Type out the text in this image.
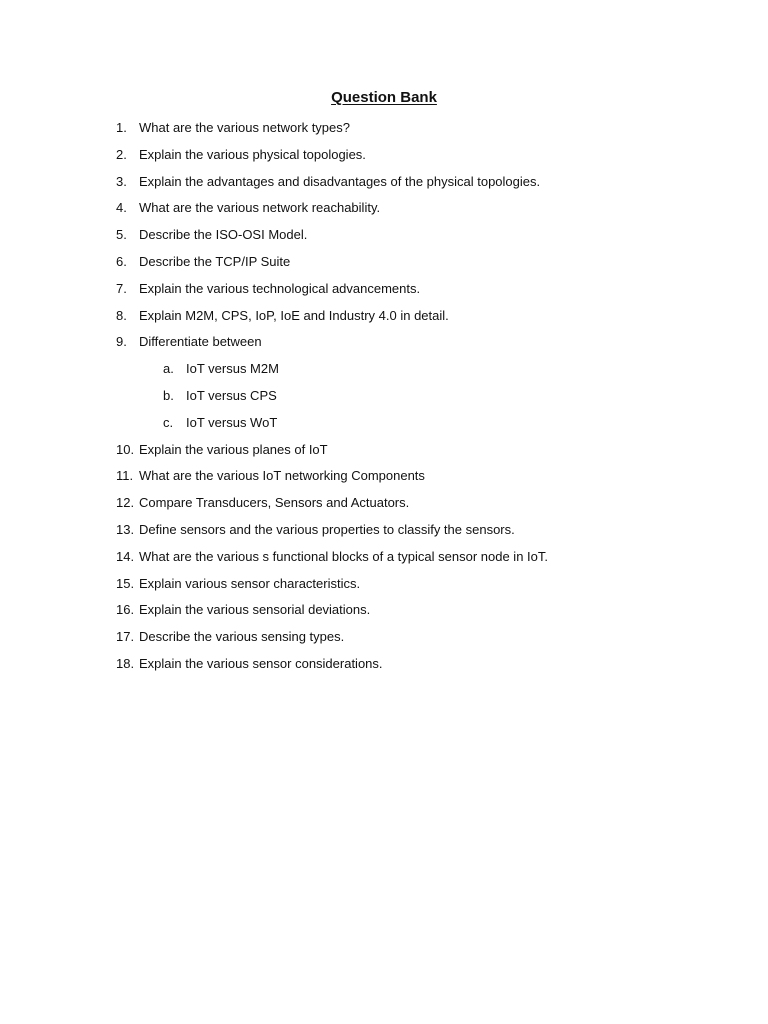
Question Bank
1. What are the various network types?
2. Explain the various physical topologies.
3. Explain the advantages and disadvantages of the physical topologies.
4. What are the various network reachability.
5. Describe the ISO-OSI Model.
6. Describe the TCP/IP Suite
7. Explain the various technological advancements.
8. Explain M2M, CPS, IoP, IoE and Industry 4.0 in detail.
9. Differentiate between
a. IoT versus M2M
b. IoT versus CPS
c. IoT versus WoT
10. Explain the various planes of IoT
11. What are the various IoT networking Components
12. Compare Transducers, Sensors and Actuators.
13. Define sensors and the various properties to classify the sensors.
14. What are the various s functional blocks of a typical sensor node in IoT.
15. Explain various sensor characteristics.
16. Explain the various sensorial deviations.
17. Describe the various sensing types.
18. Explain the various sensor considerations.
